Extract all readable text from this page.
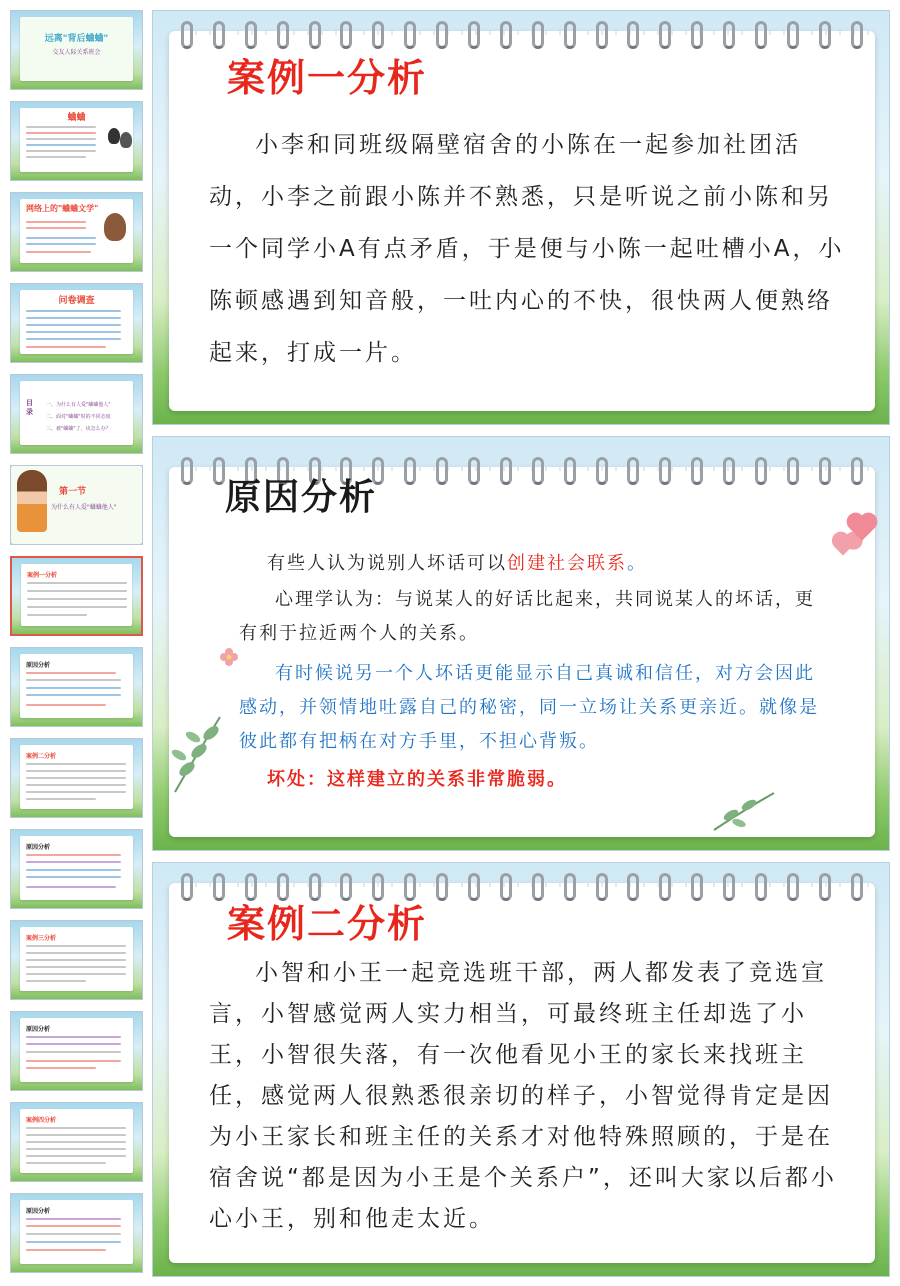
远离"背后蛐蛐"
交友人际关系班会
蛐蛐
网络上的"蛐蛐文学"
问卷调查
目录
一、为什么有人爱"蛐蛐他人"
二、面对"蛐蛐"时的不同态度
三、被"蛐蛐"了，该怎么办？
第一节
为什么有人爱"蛐蛐他人"
案例一分析
原因分析
案例二分析
原因分析
案例三分析
原因分析
案例四分析
原因分析
案例一分析
小李和同班级隔壁宿舍的小陈在一起参加社团活动，小李之前跟小陈并不熟悉，只是听说之前小陈和另一个同学小A有点矛盾，于是便与小陈一起吐槽小A，小陈顿感遇到知音般，一吐内心的不快，很快两人便熟络起来，打成一片。
原因分析

有些人认为说别人坏话可以创建社会联系。

心理学认为：与说某人的好话比起来，共同说某人的坏话，更有利于拉近两个人的关系。

有时候说另一个人坏话更能显示自己真诚和信任，对方会因此感动，并领情地吐露自己的秘密，同一立场让关系更亲近。就像是彼此都有把柄在对方手里，不担心背叛。

坏处：这样建立的关系非常脆弱。

案例二分析
小智和小王一起竞选班干部，两人都发表了竞选宣言，小智感觉两人实力相当，可最终班主任却选了小王，小智很失落，有一次他看见小王的家长来找班主任，感觉两人很熟悉很亲切的样子，小智觉得肯定是因为小王家长和班主任的关系才对他特殊照顾的，于是在宿舍说“都是因为小王是个关系户”，还叫大家以后都小心小王，别和他走太近。
